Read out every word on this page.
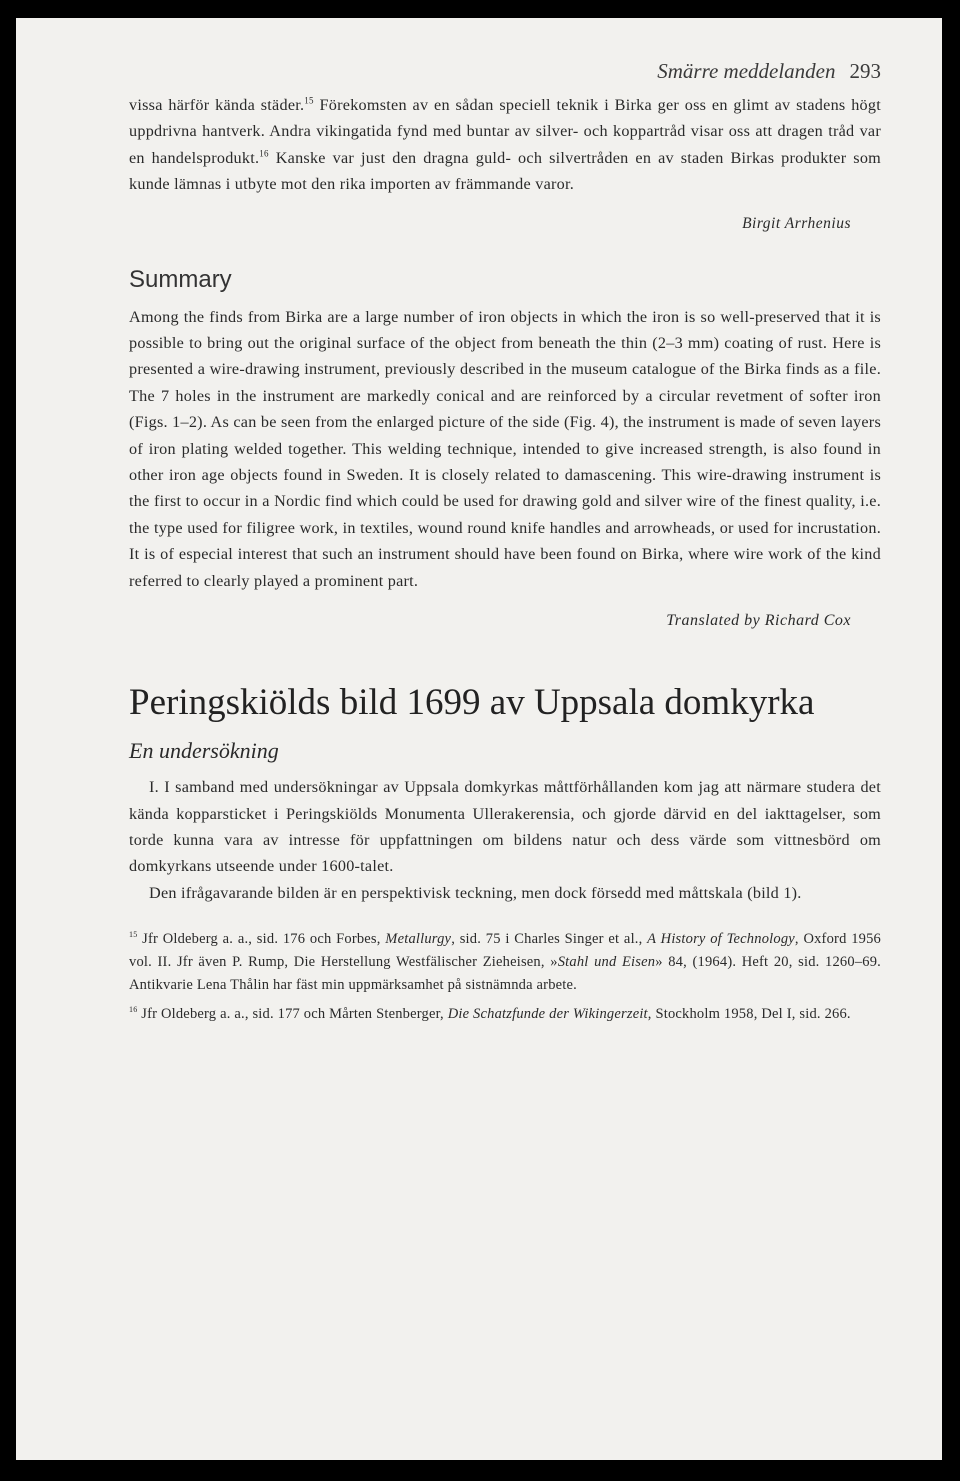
Smärre meddelanden 293

vissa härför kända städer.$^{15}$ Förekomsten av en sådan speciell teknik i Birka ger oss en glimt av stadens högt uppdrivna hantverk. Andra vikingatida fynd med buntar av silver- och koppartråd visar oss att dragen tråd var en handelsprodukt.$^{16}$ Kanske var just den dragna guld- och silvertråden en av staden Birkas produkter som kunde lämnas i utbyte mot den rika importen av främmande varor.

Birgit Arrhenius
Summary

Among the finds from Birka are a large number of iron objects in which the iron is so well-preserved that it is possible to bring out the original surface of the object from beneath the thin (2–3 mm) coating of rust. Here is presented a wire-drawing instrument, previously described in the museum catalogue of the Birka finds as a file. The 7 holes in the instrument are markedly conical and are reinforced by a circular revetment of softer iron (Figs. 1–2). As can be seen from the enlarged picture of the side (Fig. 4), the instrument is made of seven layers of iron plating welded together. This welding technique, intended to give increased strength, is also found in other iron age objects found in Sweden. It is closely related to damascening. This wire-drawing instrument is the first to occur in a Nordic find which could be used for drawing gold and silver wire of the finest quality, i.e. the type used for filigree work, in textiles, wound round knife handles and arrowheads, or used for incrustation. It is of especial interest that such an instrument should have been found on Birka, where wire work of the kind referred to clearly played a prominent part.

Translated by Richard Cox
Peringskiölds bild 1699 av Uppsala domkyrka
En undersökning

I. I samband med undersökningar av Uppsala domkyrkas måttförhållanden kom jag att närmare studera det kända kopparsticket i Peringskiölds Monumenta Ullerakerensia, och gjorde därvid en del iakttagelser, som torde kunna vara av intresse för uppfattningen om bildens natur och dess värde som vittnesbörd om domkyrkans utseende under 1600-talet.

Den ifrågavarande bilden är en perspektivisk teckning, men dock försedd med måttskala (bild 1).

$^{15}$ Jfr Oldeberg a. a., sid. 176 och Forbes, Metallurgy, sid. 75 i Charles Singer et al., A History of Technology, Oxford 1956 vol. II. Jfr även P. Rump, Die Herstellung Westfälischer Zieheisen, »Stahl und Eisen» 84, (1964). Heft 20, sid. 1260–69. Antikvarie Lena Thålin har fäst min uppmärksamhet på sistnämnda arbete.

$^{16}$ Jfr Oldeberg a. a., sid. 177 och Mårten Stenberger, Die Schatzfunde der Wikingerzeit, Stockholm 1958, Del I, sid. 266.
